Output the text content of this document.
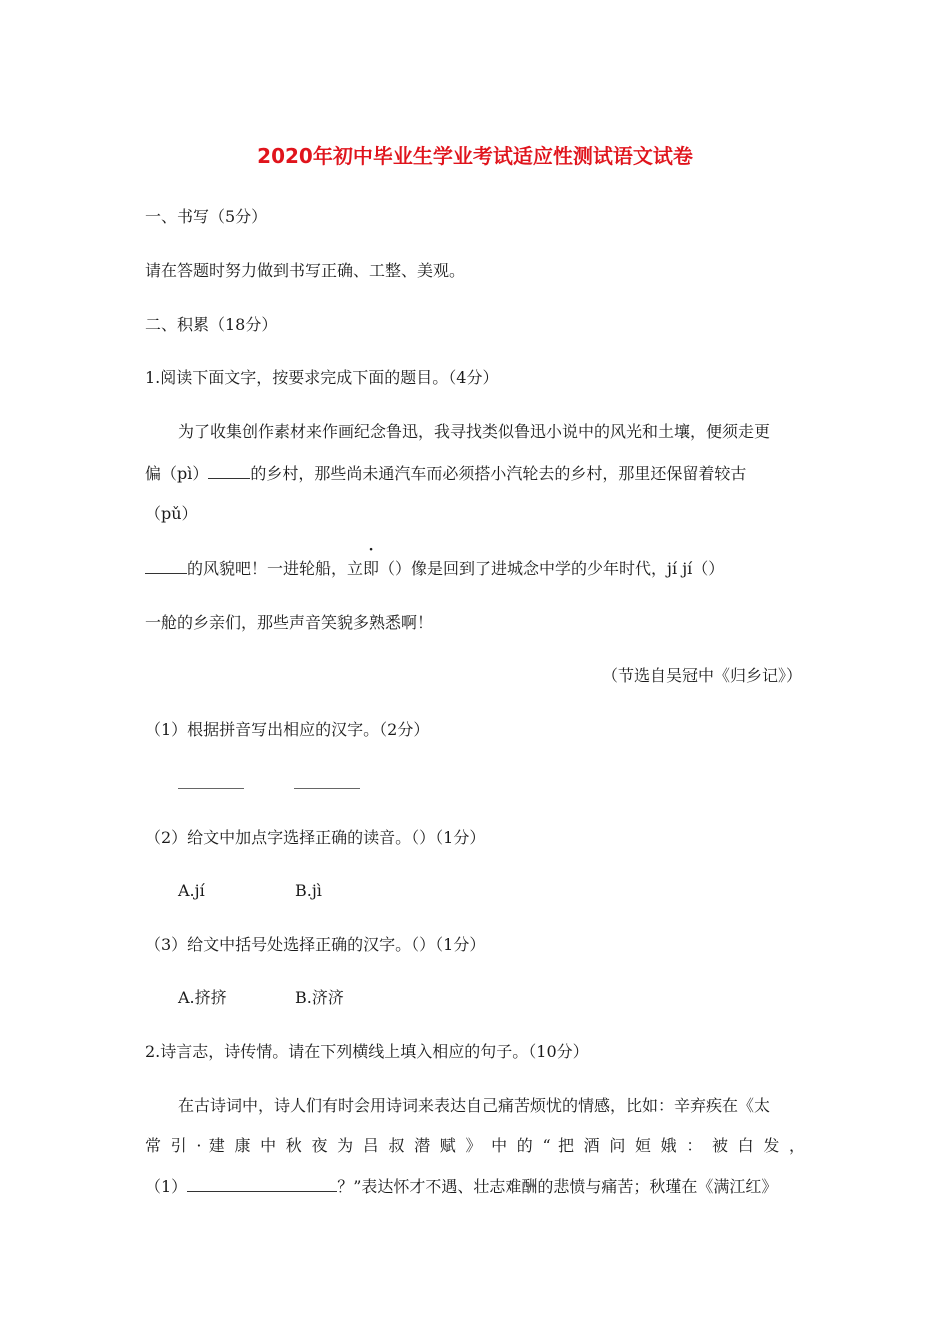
2020年初中毕业生学业考试适应性测试语文试卷
一、书写（5分）
请在答题时努力做到书写正确、工整、美观。
二、积累（18分）
1.阅读下面文字，按要求完成下面的题目。（4分）
为了收集创作素材来作画纪念鲁迅，我寻找类似鲁迅小说中的风光和土壤，便须走更
偏（pì）	的乡村，那些尚未通汽车而必须搭小汽轮去的乡村，那里还保留着较古
（pǔ）
的风貌吧！一进轮船，立
·
即（）像是回到了进城念中学的少年时代，jí jí（）
一舱的乡亲们，那些声音笑貌多熟悉啊！
（节选自吴冠中《归乡记》）
（1）根据拼音写出相应的汉字。（2分）
（2）给文中加点字选择正确的读音。（）（1分）
A.jí	B.jì
（3）给文中括号处选择正确的汉字。（）（1分）
A.挤挤	B.济济
2.诗言志，诗传情。请在下列横线上填入相应的句子。（10分）
在古诗词中，诗人们有时会用诗词来表达自己痛苦烦忧的情感，比如：辛弃疾在《太
常 引 · 建 康 中 秋 夜 为 吕 叔 潜 赋 》 中 的 “ 把 酒 问 姮 娥 ： 被 白 发 ，
（1）	？”表达怀才不遇、壮志难酬的悲愤与痛苦；秋瑾在《满江红》
